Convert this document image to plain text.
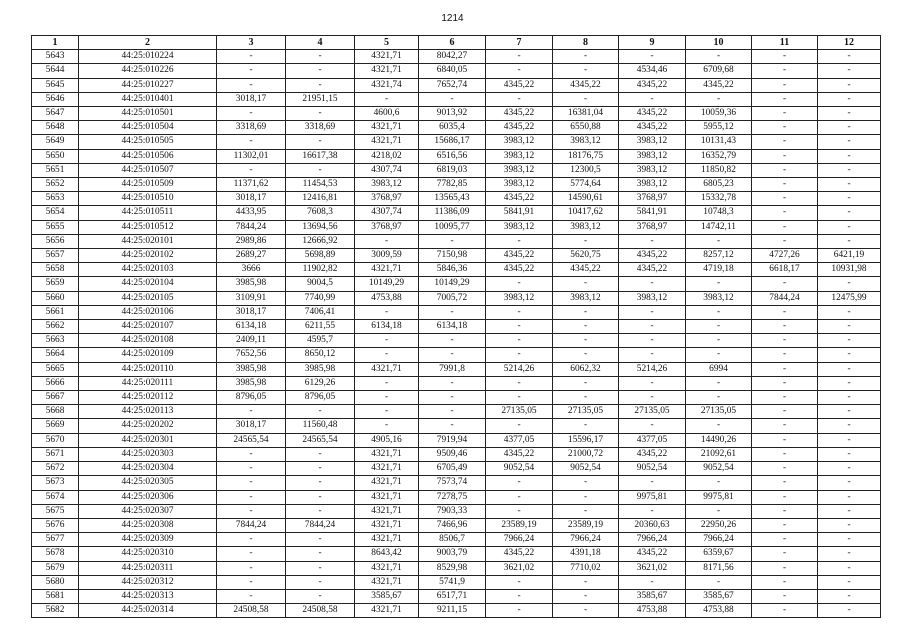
1214
1	2	3	4	5	6	7	8	9	10	11	12
5643	44:25:010224	-	-	4321,71	8042,27	-	-	-	-	-	-
5644	44:25:010226	-	-	4321,71	6840,05	-	-	4534,46	6709,68	-	-
5645	44:25:010227	-	-	4321,74	7652,74	4345,22	4345,22	4345,22	4345,22	-	-
5646	44:25:010401	3018,17	21951,15	-	-	-	-	-	-	-	-
5647	44:25:010501	-	-	4600,6	9013,92	4345,22	16381,04	4345,22	10059,36	-	-
5648	44:25:010504	3318,69	3318,69	4321,71	6035,4	4345,22	6550,88	4345,22	5955,12	-	-
5649	44:25:010505	-	-	4321,71	15686,17	3983,12	3983,12	3983,12	10131,43	-	-
5650	44:25:010506	11302,01	16617,38	4218,02	6516,56	3983,12	18176,75	3983,12	16352,79	-	-
5651	44:25:010507	-	-	4307,74	6819,03	3983,12	12300,5	3983,12	11850,82	-	-
5652	44:25:010509	11371,62	11454,53	3983,12	7782,85	3983,12	5774,64	3983,12	6805,23	-	-
5653	44:25:010510	3018,17	12416,81	3768,97	13565,43	4345,22	14590,61	3768,97	15332,78	-	-
5654	44:25:010511	4433,95	7608,3	4307,74	11386,09	5841,91	10417,62	5841,91	10748,3	-	-
5655	44:25:010512	7844,24	13694,56	3768,97	10095,77	3983,12	3983,12	3768,97	14742,11	-	-
5656	44:25:020101	2989,86	12666,92	-	-	-	-	-	-	-	-
5657	44:25:020102	2689,27	5698,89	3009,59	7150,98	4345,22	5620,75	4345,22	8257,12	4727,26	6421,19
5658	44:25:020103	3666	11902,82	4321,71	5846,36	4345,22	4345,22	4345,22	4719,18	6618,17	10931,98
5659	44:25:020104	3985,98	9004,5	10149,29	10149,29	-	-	-	-	-	-
5660	44:25:020105	3109,91	7740,99	4753,88	7005,72	3983,12	3983,12	3983,12	3983,12	7844,24	12475,99
5661	44:25:020106	3018,17	7406,41	-	-	-	-	-	-	-	-
5662	44:25:020107	6134,18	6211,55	6134,18	6134,18	-	-	-	-	-	-
5663	44:25:020108	2409,11	4595,7	-	-	-	-	-	-	-	-
5664	44:25:020109	7652,56	8650,12	-	-	-	-	-	-	-	-
5665	44:25:020110	3985,98	3985,98	4321,71	7991,8	5214,26	6062,32	5214,26	6994	-	-
5666	44:25:020111	3985,98	6129,26	-	-	-	-	-	-	-	-
5667	44:25:020112	8796,05	8796,05	-	-	-	-	-	-	-	-
5668	44:25:020113	-	-	-	-	27135,05	27135,05	27135,05	27135,05	-	-
5669	44:25:020202	3018,17	11560,48	-	-	-	-	-	-	-	-
5670	44:25:020301	24565,54	24565,54	4905,16	7919,94	4377,05	15596,17	4377,05	14490,26	-	-
5671	44:25:020303	-	-	4321,71	9509,46	4345,22	21000,72	4345,22	21092,61	-	-
5672	44:25:020304	-	-	4321,71	6705,49	9052,54	9052,54	9052,54	9052,54	-	-
5673	44:25:020305	-	-	4321,71	7573,74	-	-	-	-	-	-
5674	44:25:020306	-	-	4321,71	7278,75	-	-	9975,81	9975,81	-	-
5675	44:25:020307	-	-	4321,71	7903,33	-	-	-	-	-	-
5676	44:25:020308	7844,24	7844,24	4321,71	7466,96	23589,19	23589,19	20360,63	22950,26	-	-
5677	44:25:020309	-	-	4321,71	8506,7	7966,24	7966,24	7966,24	7966,24	-	-
5678	44:25:020310	-	-	8643,42	9003,79	4345,22	4391,18	4345,22	6359,67	-	-
5679	44:25:020311	-	-	4321,71	8529,98	3621,02	7710,02	3621,02	8171,56	-	-
5680	44:25:020312	-	-	4321,71	5741,9	-	-	-	-	-	-
5681	44:25:020313	-	-	3585,67	6517,71	-	-	3585,67	3585,67	-	-
5682	44:25:020314	24508,58	24508,58	4321,71	9211,15	-	-	4753,88	4753,88	-	-
